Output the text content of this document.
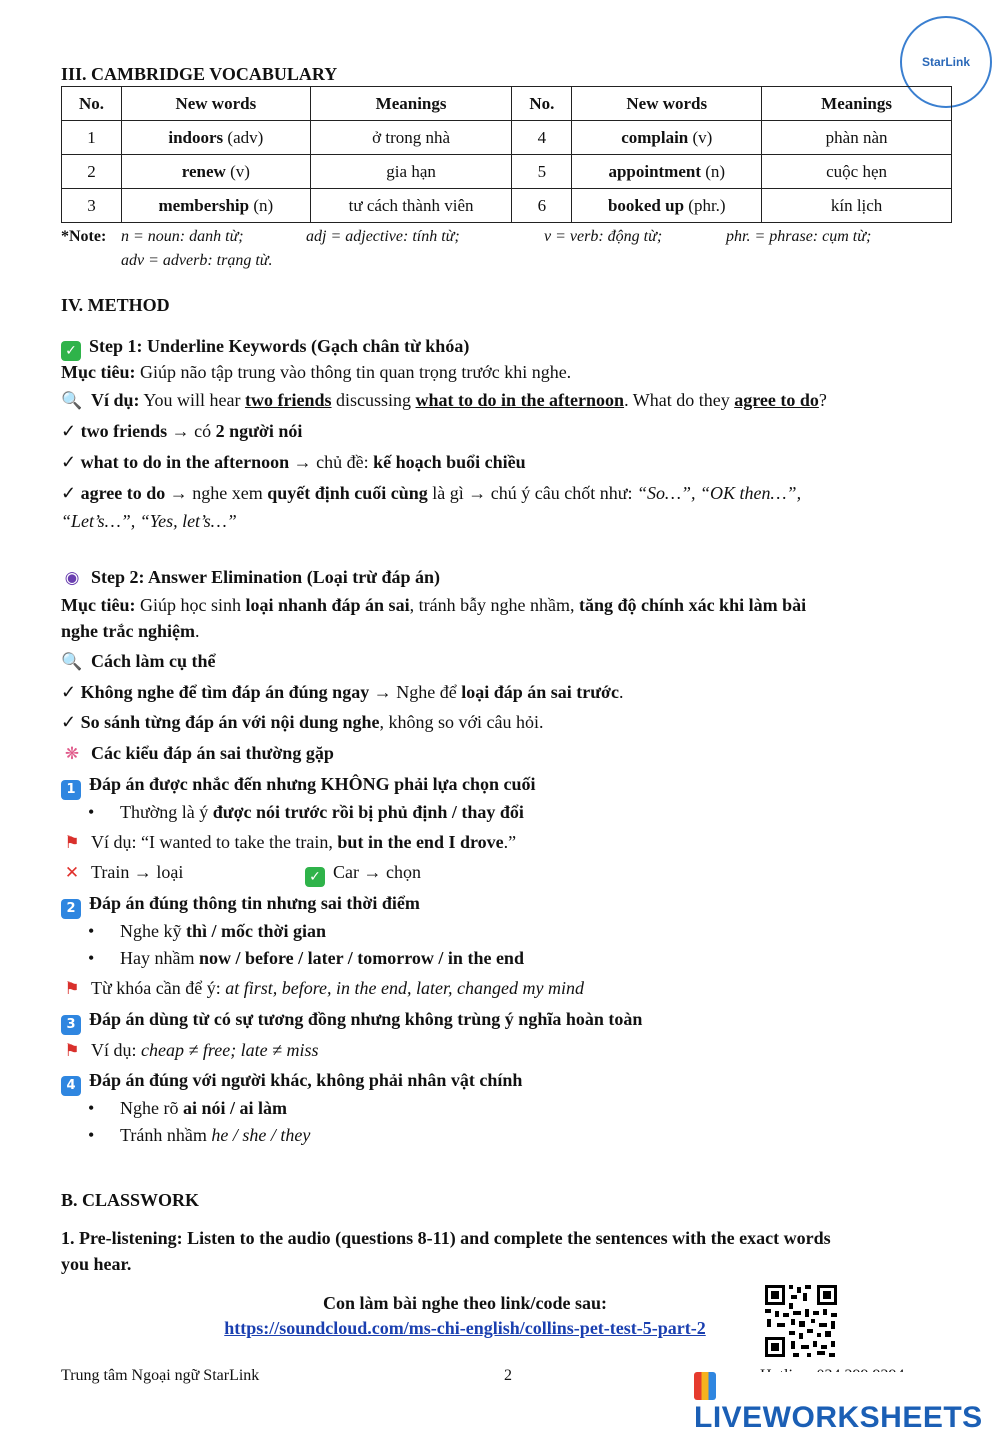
StarLink
III. CAMBRIDGE VOCABULARY
No.	New words	Meanings	No.	New words	Meanings
1	indoors (adv)	ở trong nhà	4	complain (v)	phàn nàn
2	renew (v)	gia hạn	5	appointment (n)	cuộc hẹn
3	membership (n)	tư cách thành viên	6	booked up (phr.)	kín lịch
*Note: n = noun: danh từ;	adj = adjective: tính từ;	v = verb: động từ;	phr. = phrase: cụm từ;
adv = adverb: trạng từ.
IV. METHOD
✓ Step 1: Underline Keywords (Gạch chân từ khóa)
Mục tiêu: Giúp não tập trung vào thông tin quan trọng trước khi nghe.
🔍 Ví dụ: You will hear two friends discussing what to do in the afternoon. What do they agree to do?
✓ two friends → có 2 người nói
✓ what to do in the afternoon → chủ đề: kế hoạch buổi chiều
✓ agree to do → nghe xem quyết định cuối cùng là gì → chú ý câu chốt như: “So…”, “OK then…”,
“Let’s…”, “Yes, let’s…”
◉ Step 2: Answer Elimination (Loại trừ đáp án)
Mục tiêu: Giúp học sinh loại nhanh đáp án sai, tránh bẫy nghe nhầm, tăng độ chính xác khi làm bài
nghe trắc nghiệm.
🔍 Cách làm cụ thể
✓ Không nghe để tìm đáp án đúng ngay → Nghe để loại đáp án sai trước.
✓ So sánh từng đáp án với nội dung nghe, không so với câu hỏi.
❋ Các kiểu đáp án sai thường gặp
1 Đáp án được nhắc đến nhưng KHÔNG phải lựa chọn cuối
• Thường là ý được nói trước rồi bị phủ định / thay đổi
⚑ Ví dụ: “I wanted to take the train, but in the end I drove.”
✕ Train → loại	✓ Car → chọn
2 Đáp án đúng thông tin nhưng sai thời điểm
• Nghe kỹ thì / mốc thời gian
• Hay nhầm now / before / later / tomorrow / in the end
⚑ Từ khóa cần để ý: at first, before, in the end, later, changed my mind
3 Đáp án dùng từ có sự tương đồng nhưng không trùng ý nghĩa hoàn toàn
⚑ Ví dụ: cheap ≠ free; late ≠ miss
4 Đáp án đúng với người khác, không phải nhân vật chính
• Nghe rõ ai nói / ai làm
• Tránh nhầm he / she / they
B. CLASSWORK
1. Pre-listening: Listen to the audio (questions 8-11) and complete the sentences with the exact words
you hear.
Con làm bài nghe theo link/code sau:
https://soundcloud.com/ms-chi-english/collins-pet-test-5-part-2
Trung tâm Ngoại ngữ StarLink	2
LIVEWORKSHEETS
